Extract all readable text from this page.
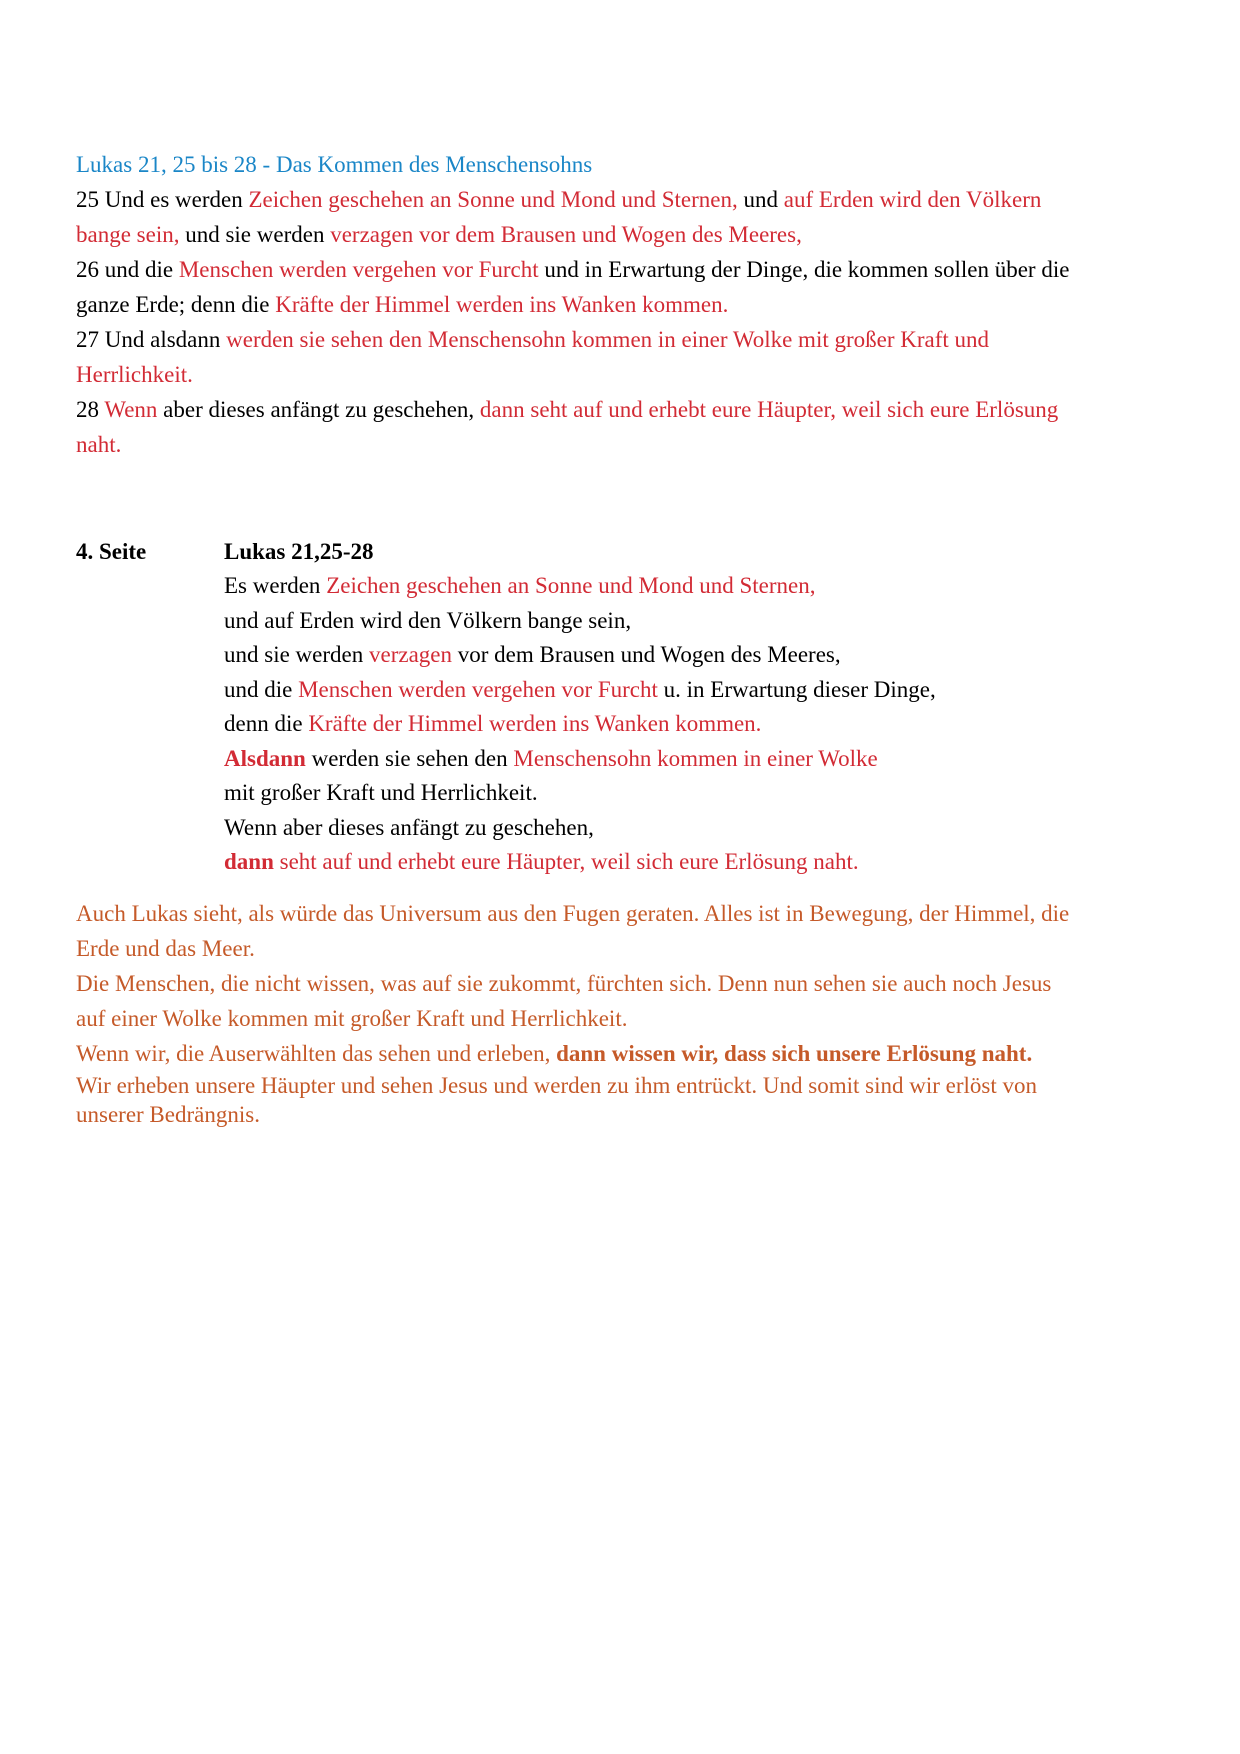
Lukas 21, 25 bis 28 - Das Kommen des Menschensohns
25 Und es werden Zeichen geschehen an Sonne und Mond und Sternen, und auf Erden wird den Völkern
bange sein, und sie werden verzagen vor dem Brausen und Wogen des Meeres,
26 und die Menschen werden vergehen vor Furcht und in Erwartung der Dinge, die kommen sollen über die
ganze Erde; denn die Kräfte der Himmel werden ins Wanken kommen.
27 Und alsdann werden sie sehen den Menschensohn kommen in einer Wolke mit großer Kraft und
Herrlichkeit.
28 Wenn aber dieses anfängt zu geschehen, dann seht auf und erhebt eure Häupter, weil sich eure Erlösung
naht.
4. Seite	Lukas 21,25-28
Es werden Zeichen geschehen an Sonne und Mond und Sternen,
und auf Erden wird den Völkern bange sein,
und sie werden verzagen vor dem Brausen und Wogen des Meeres,
und die Menschen werden vergehen vor Furcht u. in Erwartung dieser Dinge,
denn die Kräfte der Himmel werden ins Wanken kommen.
Alsdann werden sie sehen den Menschensohn kommen in einer Wolke
mit großer Kraft und Herrlichkeit.
Wenn aber dieses anfängt zu geschehen,
dann seht auf und erhebt eure Häupter, weil sich eure Erlösung naht.
Auch Lukas sieht, als würde das Universum aus den Fugen geraten. Alles ist in Bewegung, der Himmel, die
Erde und das Meer.
Die Menschen, die nicht wissen, was auf sie zukommt, fürchten sich. Denn nun sehen sie auch noch Jesus
auf einer Wolke kommen mit großer Kraft und Herrlichkeit.
Wenn wir, die Auserwählten das sehen und erleben, dann wissen wir, dass sich unsere Erlösung naht.
Wir erheben unsere Häupter und sehen Jesus und werden zu ihm entrückt. Und somit sind wir erlöst von
unserer Bedrängnis.
